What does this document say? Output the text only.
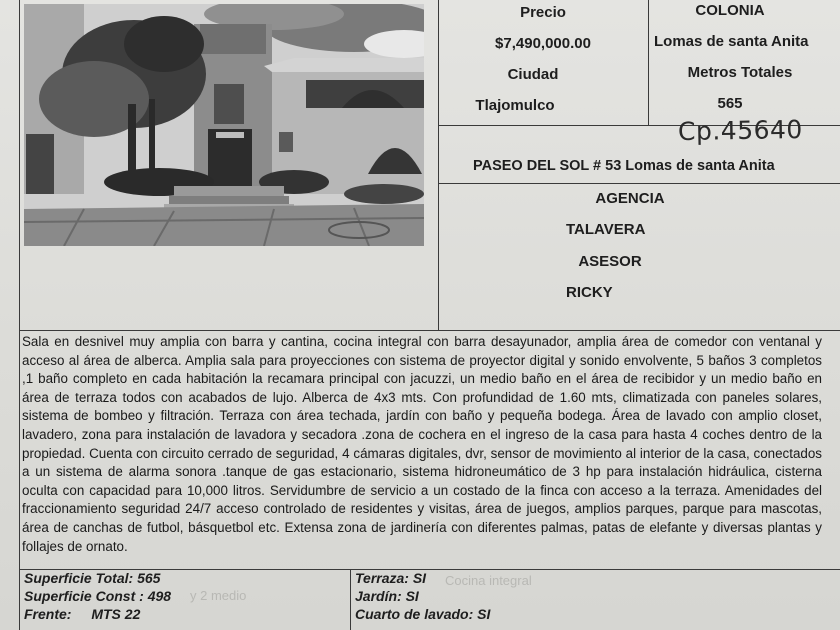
Precio
$7,490,000.00
Ciudad
Tlajomulco
COLONIA
Lomas de santa Anita
Metros Totales
565
Cp.45640
PASEO DEL SOL # 53 Lomas de santa Anita
AGENCIA
TALAVERA
ASESOR
RICKY
Sala en desnivel muy amplia con barra y cantina, cocina integral con barra desayunador, amplia área de comedor con ventanal y acceso al área de alberca. Amplia sala para proyecciones con sistema de proyector digital y sonido envolvente, 5 baños 3 completos ,1 baño completo en cada habitación la recamara principal con jacuzzi, un medio baño en el área de recibidor y un medio baño en área de terraza todos con acabados de lujo. Alberca de 4x3 mts. Con profundidad de 1.60 mts, climatizada con paneles solares, sistema de bombeo y filtración. Terraza con área techada, jardín con baño y pequeña bodega. Área de lavado con amplio closet, lavadero, zona para instalación de lavadora y secadora .zona de cochera en el ingreso de la casa para hasta 4 coches dentro de la propiedad. Cuenta con circuito cerrado de seguridad, 4 cámaras digitales, dvr, sensor de movimiento al interior de la casa, conectados a un sistema de alarma sonora .tanque de gas estacionario, sistema hidroneumático de 3 hp para instalación hidráulica, cisterna oculta con capacidad para 10,000 litros. Servidumbre de servicio a un costado de la finca con acceso a la terraza. Amenidades del fraccionamiento seguridad 24/7 acceso controlado de residentes y visitas, área de juegos, amplios parques, parque para mascotas, área de canchas de futbol, básquetbol etc. Extensa zona de jardinería con diferentes palmas, patas de elefante y diversas plantas y follajes de ornato.
Cocina integral
y 2 medio
Superficie Total: 565
Superficie Const : 498
Frente: MTS 22
Terraza: SI
Jardín: SI
Cuarto de lavado: SI
